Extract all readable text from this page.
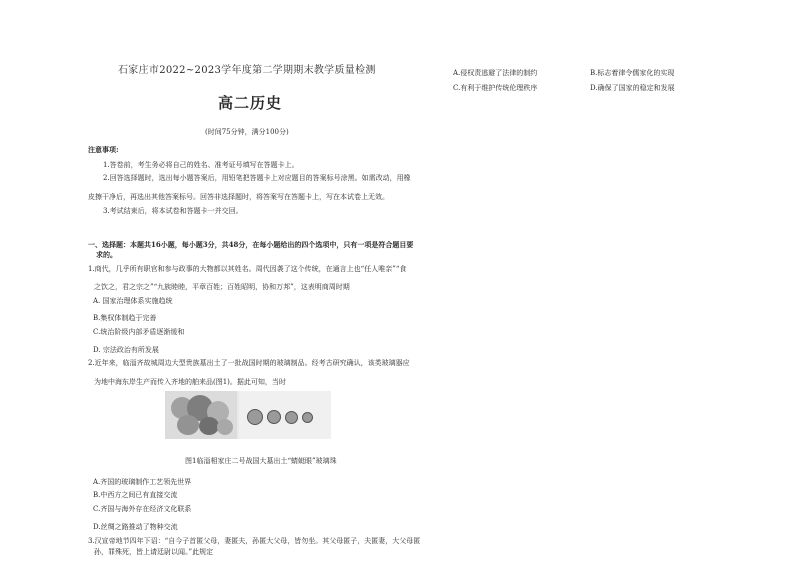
石家庄市2022~2023学年度第二学期期末教学质量检测
高二历史
(时间75分钟，满分100分)
注意事项:
1.答卷前，考生务必将自己的姓名、准考证号填写在答题卡上。
2.回答选择题时，选出每小题答案后，用铅笔把答题卡上对应题目的答案标号涂黑。如需改动，用橡
皮擦干净后，再选出其他答案标号。回答非选择题时，将答案写在答题卡上，写在本试卷上无效。
3.考试结束后，将本试卷和答题卡一并交回。
一、选择题：本题共16小题，每小题3分，共48分，在每小题给出的四个选项中，只有一项是符合题目要
求的。
1.商代，几乎所有职官和参与政事的大物都以其姓名。周代因袭了这个传统，在通言上也“任人唯亲”“食
之饮之，君之宗之”“九族睦睦，平章百姓；百姓昭明，协和万邦”，这表明商周时期
A. 国家治理体系实施趋统
B.集权体制趋于完善
C.统治阶级内部矛盾逐渐缓和
D. 宗法政治有所发展
2.近年来，临淄齐故城周边大型贵族墓出土了一批战国时期的玻璃制品。经考古研究确认，该类玻璃器应
为地中海东岸生产而传入齐地的舶来品(图1)。据此可知，当时
图1临淄相家庄二号战国大墓出土“蜻蜓眼”玻璃珠
A.齐国的玻璃制作工艺领先世界
B.中西方之间已有直接交流
C.齐国与海外存在经济文化联系
D.丝绸之路推动了物种交流
3.汉宣帝地节四年下诏：“自今子首匿父母，妻匿夫，孙匿大父母，皆勿坐。其父母匿子，夫匿妻，大父母匿
孙，罪殊死，皆上请廷尉以闻。”此规定
A.侵权责逃避了法律的制约	B.标志着律令儒家化的实现
C.有利于维护传统伦理秩序	D.确保了国家的稳定和发展
